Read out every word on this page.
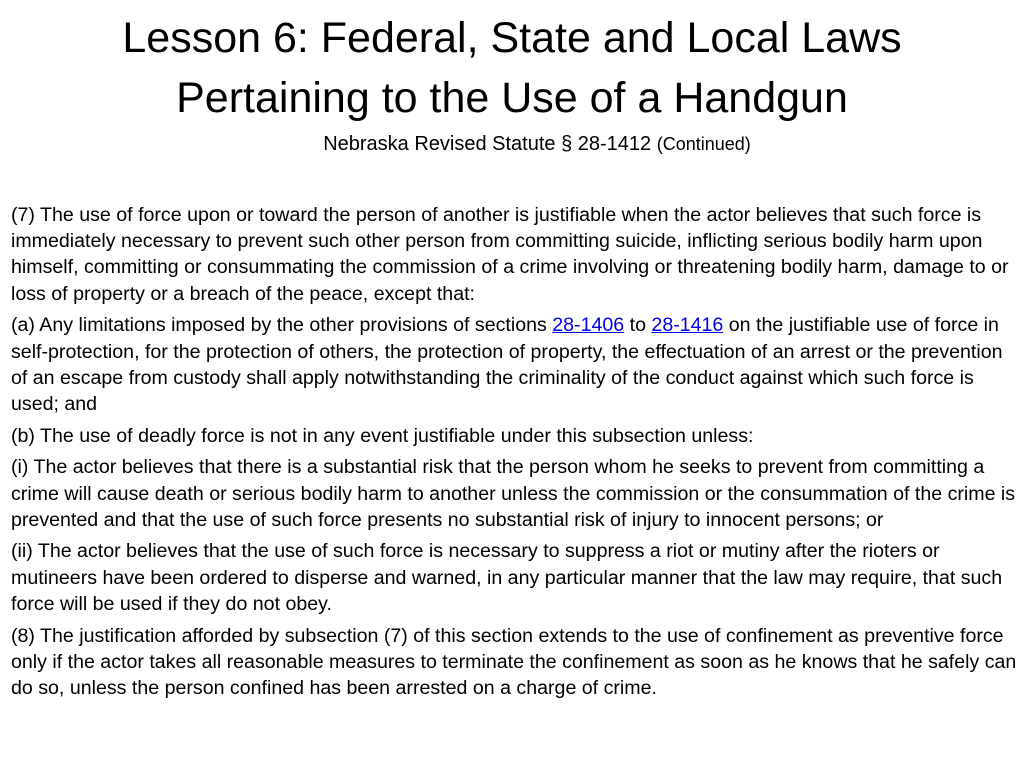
Lesson 6: Federal, State and Local Laws
Pertaining to the Use of a Handgun
Nebraska Revised Statute § 28-1412 (Continued)

(7) The use of force upon or toward the person of another is justifiable when the actor believes that such force is immediately necessary to prevent such other person from committing suicide, inflicting serious bodily harm upon himself, committing or consummating the commission of a crime involving or threatening bodily harm, damage to or loss of property or a breach of the peace, except that:

(a) Any limitations imposed by the other provisions of sections 28-1406 to 28-1416 on the justifiable use of force in self-protection, for the protection of others, the protection of property, the effectuation of an arrest or the prevention of an escape from custody shall apply notwithstanding the criminality of the conduct against which such force is used; and

(b) The use of deadly force is not in any event justifiable under this subsection unless:

(i) The actor believes that there is a substantial risk that the person whom he seeks to prevent from committing a crime will cause death or serious bodily harm to another unless the commission or the consummation of the crime is prevented and that the use of such force presents no substantial risk of injury to innocent persons; or

(ii) The actor believes that the use of such force is necessary to suppress a riot or mutiny after the rioters or mutineers have been ordered to disperse and warned, in any particular manner that the law may require, that such force will be used if they do not obey.

(8) The justification afforded by subsection (7) of this section extends to the use of confinement as preventive force only if the actor takes all reasonable measures to terminate the confinement as soon as he knows that he safely can do so, unless the person confined has been arrested on a charge of crime.
